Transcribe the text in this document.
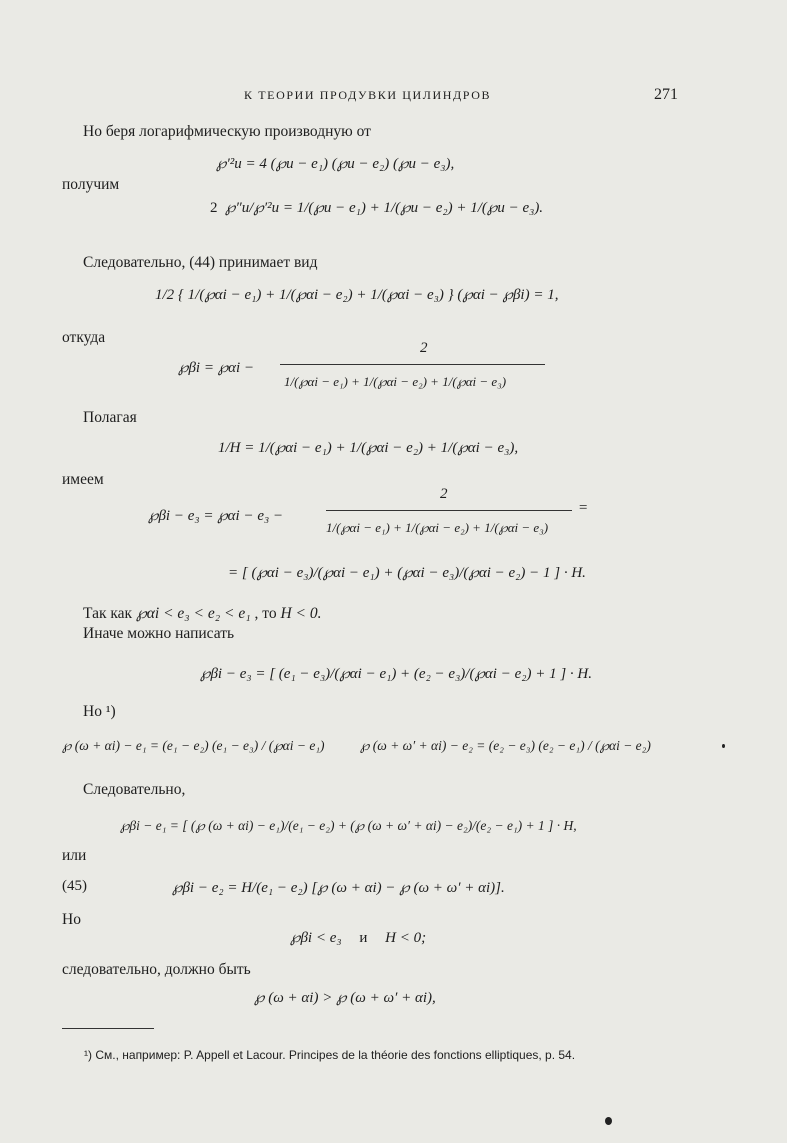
К ТЕОРИИ ПРОДУВКИ ЦИЛИНДРОВ	271
Но беря логарифмическую производную от
℘′²u = 4 (℘u − e₁) (℘u − e₂) (℘u − e₃),
получим
2  ℘″u/℘′²u = 1/(℘u − e₁) + 1/(℘u − e₂) + 1/(℘u − e₃).
Следовательно, (44) принимает вид
1/2 { 1/(℘αi − e₁) + 1/(℘αi − e₂) + 1/(℘αi − e₃) } (℘αi − ℘βi) = 1,
откуда
℘βi = ℘αi −
2
1/(℘αi − e₁) + 1/(℘αi − e₂) + 1/(℘αi − e₃)
Полагая
1/H = 1/(℘αi − e₁) + 1/(℘αi − e₂) + 1/(℘αi − e₃),
имеем
℘βi − e₃ = ℘αi − e₃ −
2
=
1/(℘αi − e₁) + 1/(℘αi − e₂) + 1/(℘αi − e₃)
= [ (℘αi − e₃)/(℘αi − e₁) + (℘αi − e₃)/(℘αi − e₂) − 1 ] · H.
Так как ℘αi < e₃ < e₂ < e₁ , то H < 0.
Иначе можно написать
℘βi − e₃ = [ (e₁ − e₃)/(℘αi − e₁) + (e₂ − e₃)/(℘αi − e₂) + 1 ] · H.
Но ¹)
℘ (ω + αi) − e₁ = (e₁ − e₂) (e₁ − e₃) / (℘αi − e₁)	℘ (ω + ω′ + αi) − e₂ = (e₂ − e₃) (e₂ − e₁) / (℘αi − e₂)
Следовательно,
℘βi − e₁ = [ (℘ (ω + αi) − e₁)/(e₁ − e₂) + (℘ (ω + ω′ + αi) − e₂)/(e₂ − e₁) + 1 ] · H,
или
(45)	℘βi − e₂ = H/(e₁ − e₂) [℘ (ω + αi) − ℘ (ω + ω′ + αi)].
Но
℘βi < e₃ и H < 0;
следовательно, должно быть
℘ (ω + αi) > ℘ (ω + ω′ + αi),
¹) См., например: P. Appell et Lacour. Principes de la théorie des fonctions elliptiques, p. 54.
